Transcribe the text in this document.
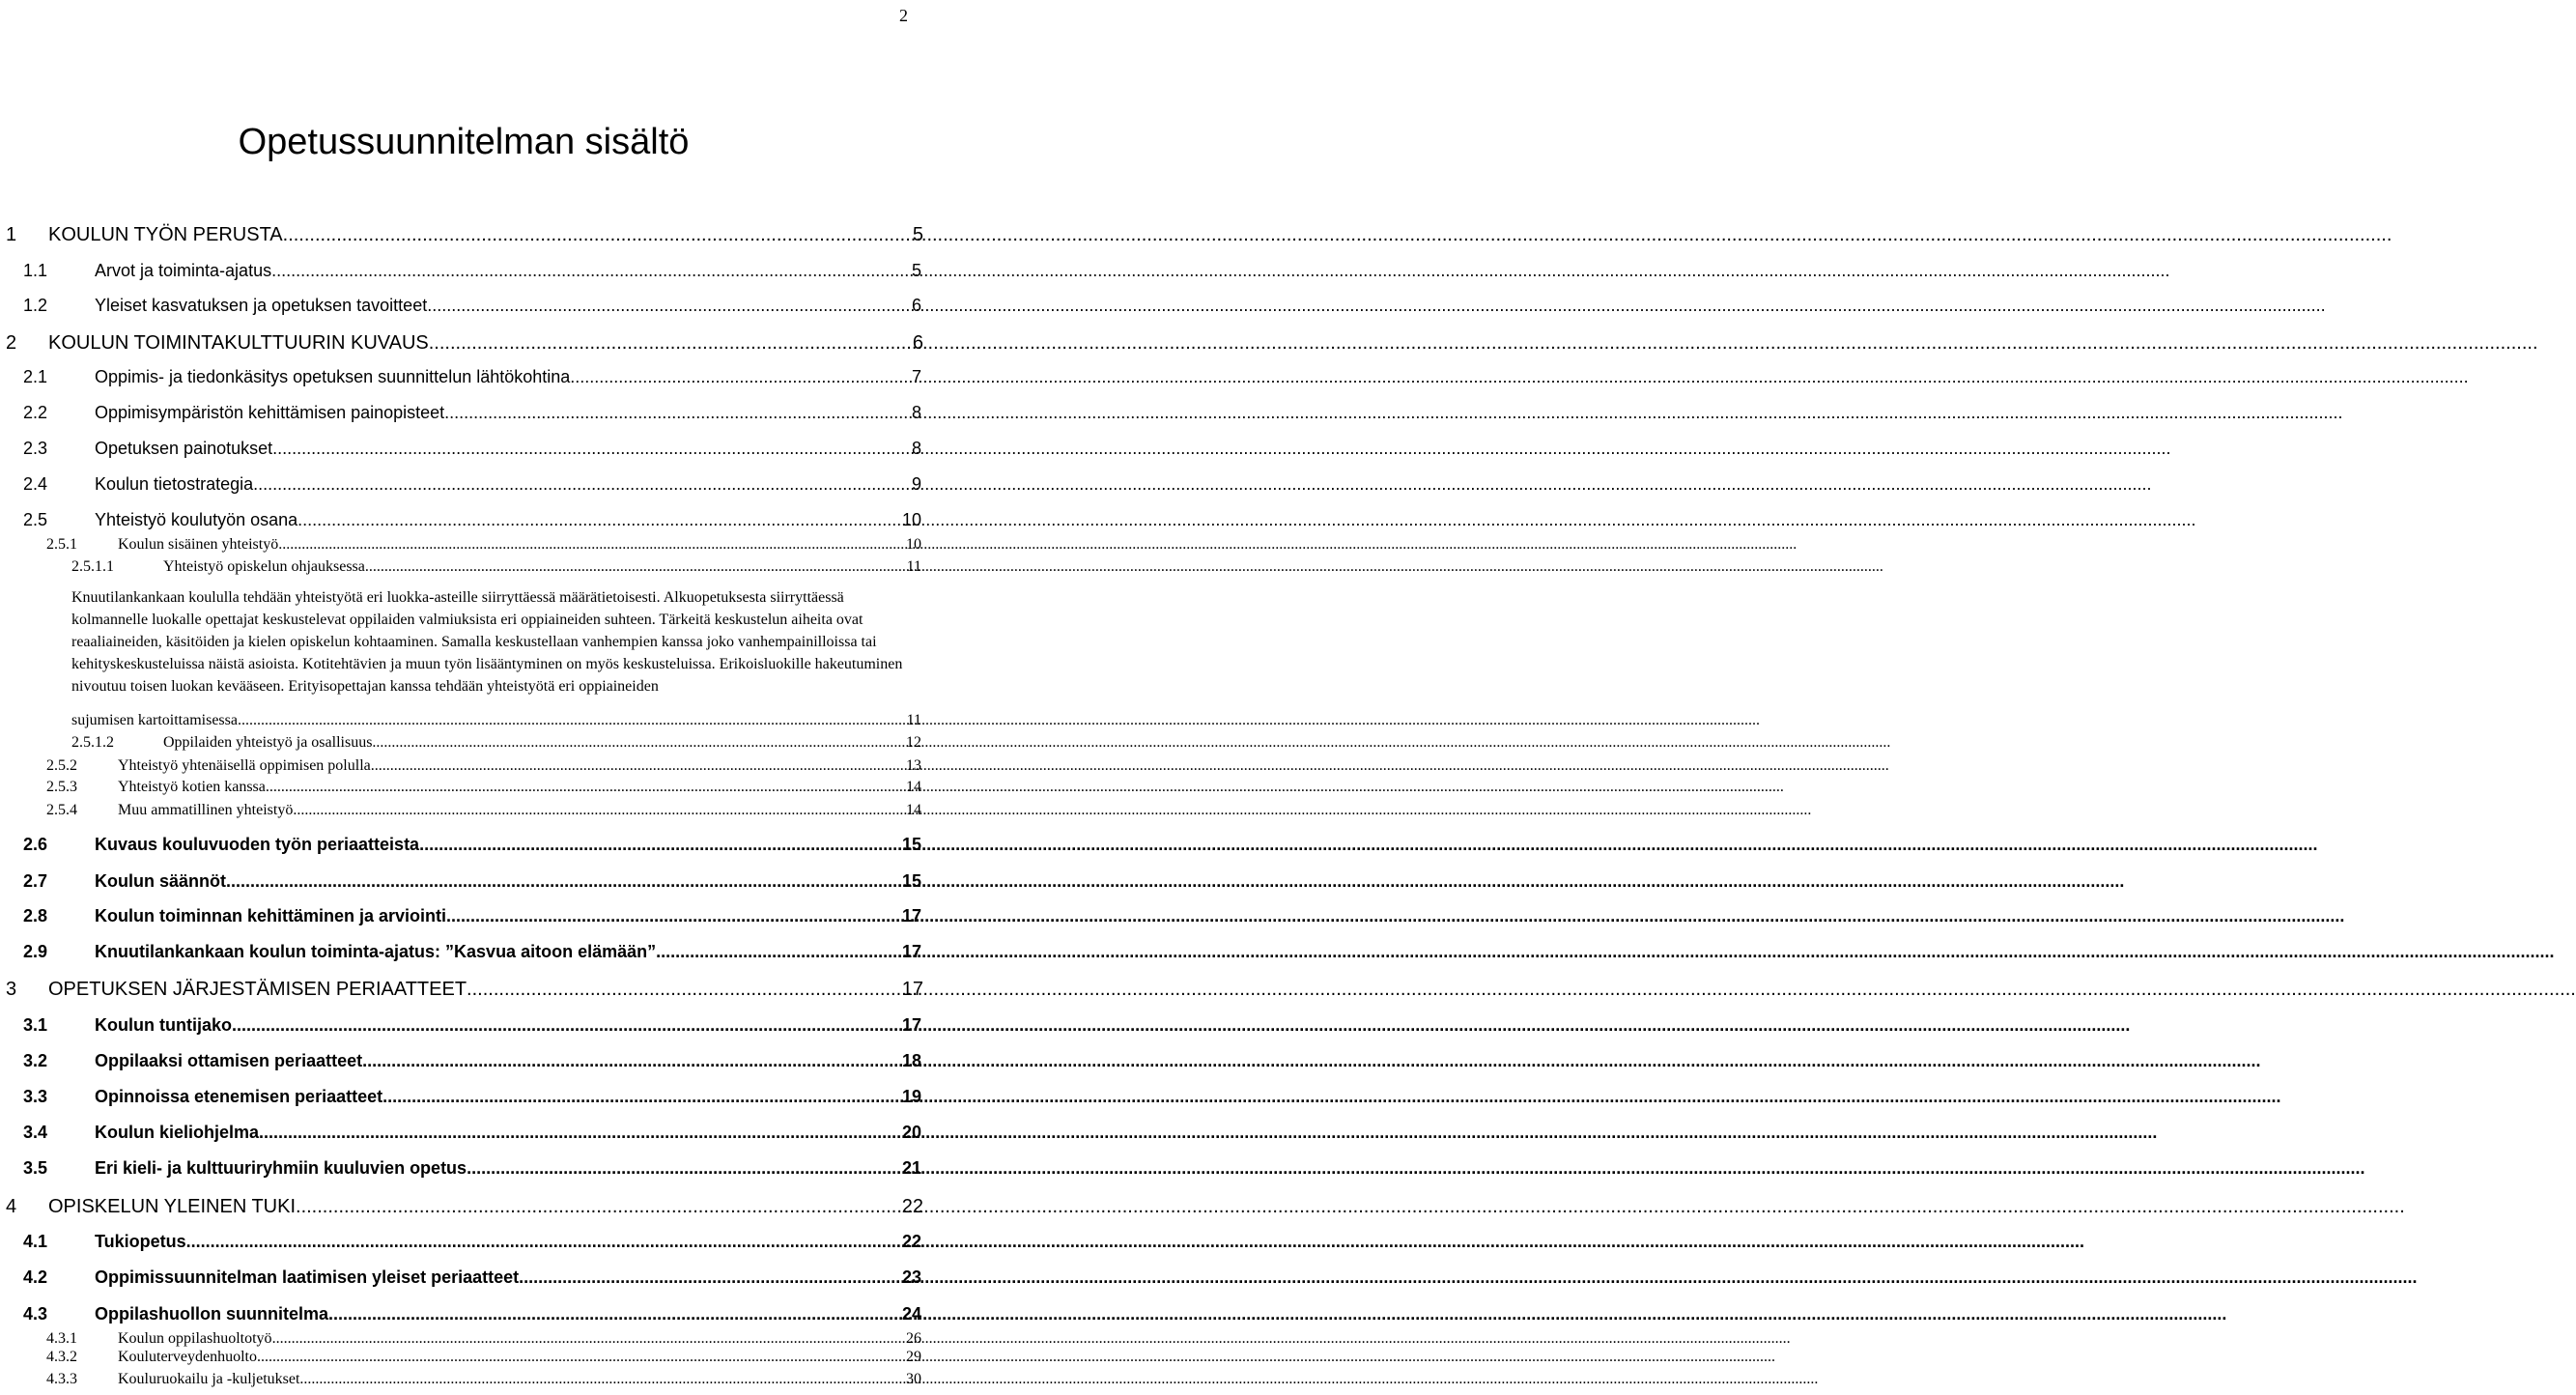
2
Opetussuunnitelman sisältö
1	KOULUN TYÖN PERUSTA .....	5
1.1	Arvot ja toiminta-ajatus .....	5
1.2	Yleiset kasvatuksen ja opetuksen tavoitteet .....	6
2	KOULUN TOIMINTAKULTTUURIN KUVAUS .....	6
2.1	Oppimis- ja tiedonkäsitys opetuksen suunnittelun lähtökohtina .....	7
2.2	Oppimisympäristön kehittämisen painopisteet .....	8
2.3	Opetuksen painotukset .....	8
2.4	Koulun tietostrategia .....	9
2.5	Yhteistyö koulutyön osana .....	10
2.5.1	Koulun sisäinen yhteistyö .....	10
2.5.1.1	Yhteistyö opiskelun ohjauksessa .....	11
2.5.1.2	Oppilaiden yhteistyö ja osallisuus .....	12
2.5.2	Yhteistyö yhtenäisellä oppimisen polulla .....	13
2.5.3	Yhteistyö kotien kanssa .....	14
2.5.4	Muu ammatillinen yhteistyö .....	14
2.6	Kuvaus kouluvuoden työn periaatteista .....	15
2.7	Koulun säännöt .....	15
2.8	Koulun toiminnan kehittäminen ja arviointi .....	17
2.9	Knuutilankankaan koulun toiminta-ajatus: ”Kasvua aitoon elämään” .....	17
3	OPETUKSEN JÄRJESTÄMISEN PERIAATTEET .....	17
3.1	Koulun tuntijako .....	17
3.2	Oppilaaksi ottamisen periaatteet .....	18
3.3	Opinnoissa etenemisen periaatteet .....	19
3.4	Koulun kieliohjelma .....	20
3.5	Eri kieli- ja kulttuuriryhmiin kuuluvien opetus .....	21
4	OPISKELUN YLEINEN TUKI .....	22
4.1	Tukiopetus .....	22
4.2	Oppimissuunnitelman laatimisen yleiset periaatteet .....	23
4.3	Oppilashuollon suunnitelma .....	24
4.3.1	Koulun oppilashuoltotyö .....	26
4.3.2	Kouluterveydenhuolto .....	29
4.3.3	Kouluruokailu ja -kuljetukset .....	30

Knuutilankankaan koululla tehdään yhteistyötä eri luokka-asteille siirryttäessä määrätietoisesti. Alkuopetuksesta siirryttäessä kolmannelle luokalle opettajat keskustelevat oppilaiden valmiuksista eri oppiaineiden suhteen. Tärkeitä keskustelun aiheita ovat reaaliaineiden, käsitöiden ja kielen opiskelun kohtaaminen. Samalla keskustellaan vanhempien kanssa joko vanhempainilloissa tai kehityskeskusteluissa näistä asioista. Kotitehtävien ja muun työn lisääntyminen on myös keskusteluissa. Erikoisluokille hakeutuminen nivoutuu toisen luokan kevääseen. Erityisopettajan kanssa tehdään yhteistyötä eri oppiaineiden

sujumisen kartoittamisessa. .....	11
